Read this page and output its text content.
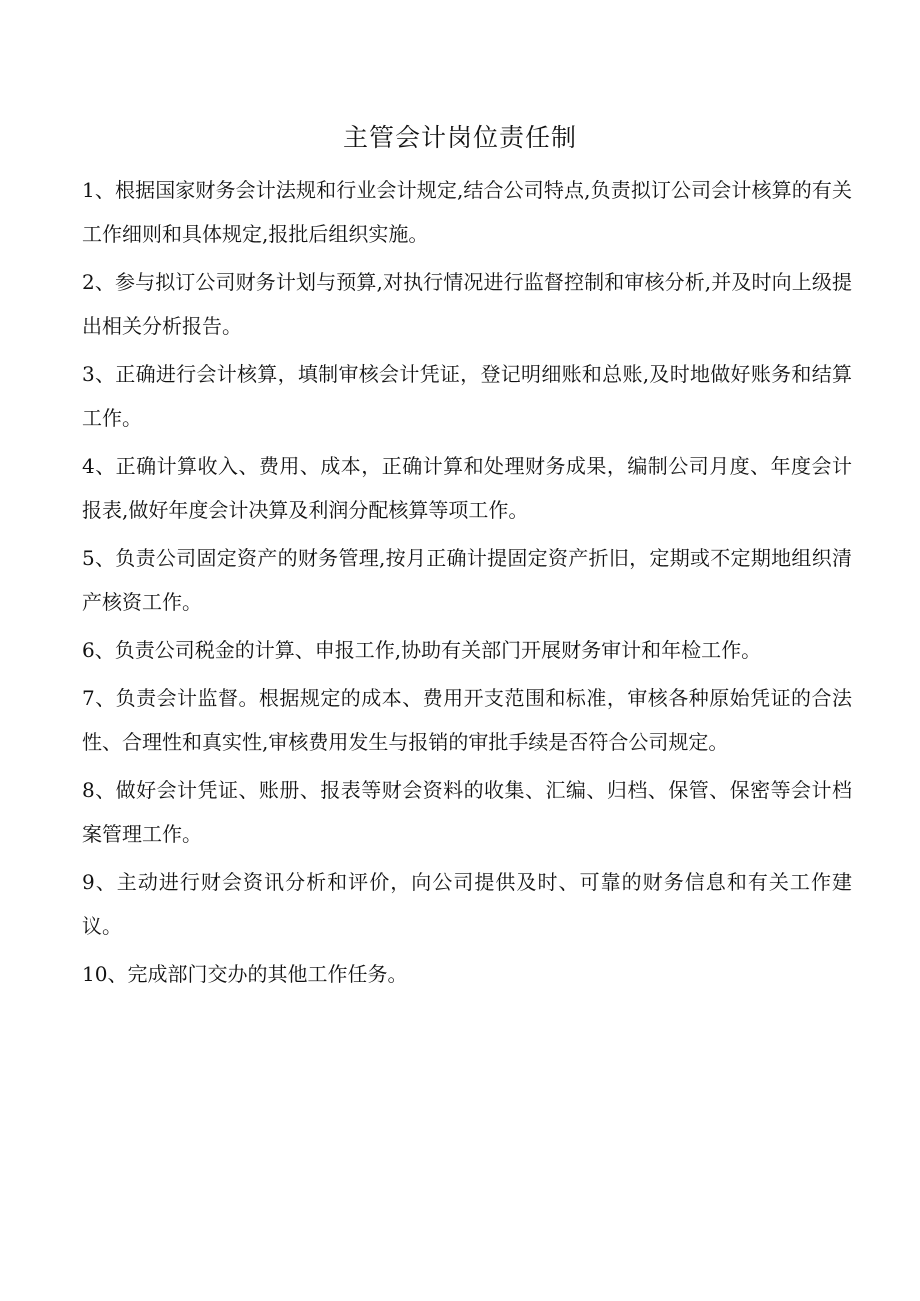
主管会计岗位责任制

1、根据国家财务会计法规和行业会计规定,结合公司特点,负责拟订公司会计核算的有关工作细则和具体规定,报批后组织实施。

2、参与拟订公司财务计划与预算,对执行情况进行监督控制和审核分析,并及时向上级提出相关分析报告。

3、正确进行会计核算，填制审核会计凭证，登记明细账和总账,及时地做好账务和结算工作。

4、正确计算收入、费用、成本，正确计算和处理财务成果，编制公司月度、年度会计报表,做好年度会计决算及利润分配核算等项工作。

5、负责公司固定资产的财务管理,按月正确计提固定资产折旧，定期或不定期地组织清产核资工作。

6、负责公司税金的计算、申报工作,协助有关部门开展财务审计和年检工作。

7、负责会计监督。根据规定的成本、费用开支范围和标准，审核各种原始凭证的合法性、合理性和真实性,审核费用发生与报销的审批手续是否符合公司规定。

8、做好会计凭证、账册、报表等财会资料的收集、汇编、归档、保管、保密等会计档案管理工作。

9、主动进行财会资讯分析和评价，向公司提供及时、可靠的财务信息和有关工作建议。

10、完成部门交办的其他工作任务。
